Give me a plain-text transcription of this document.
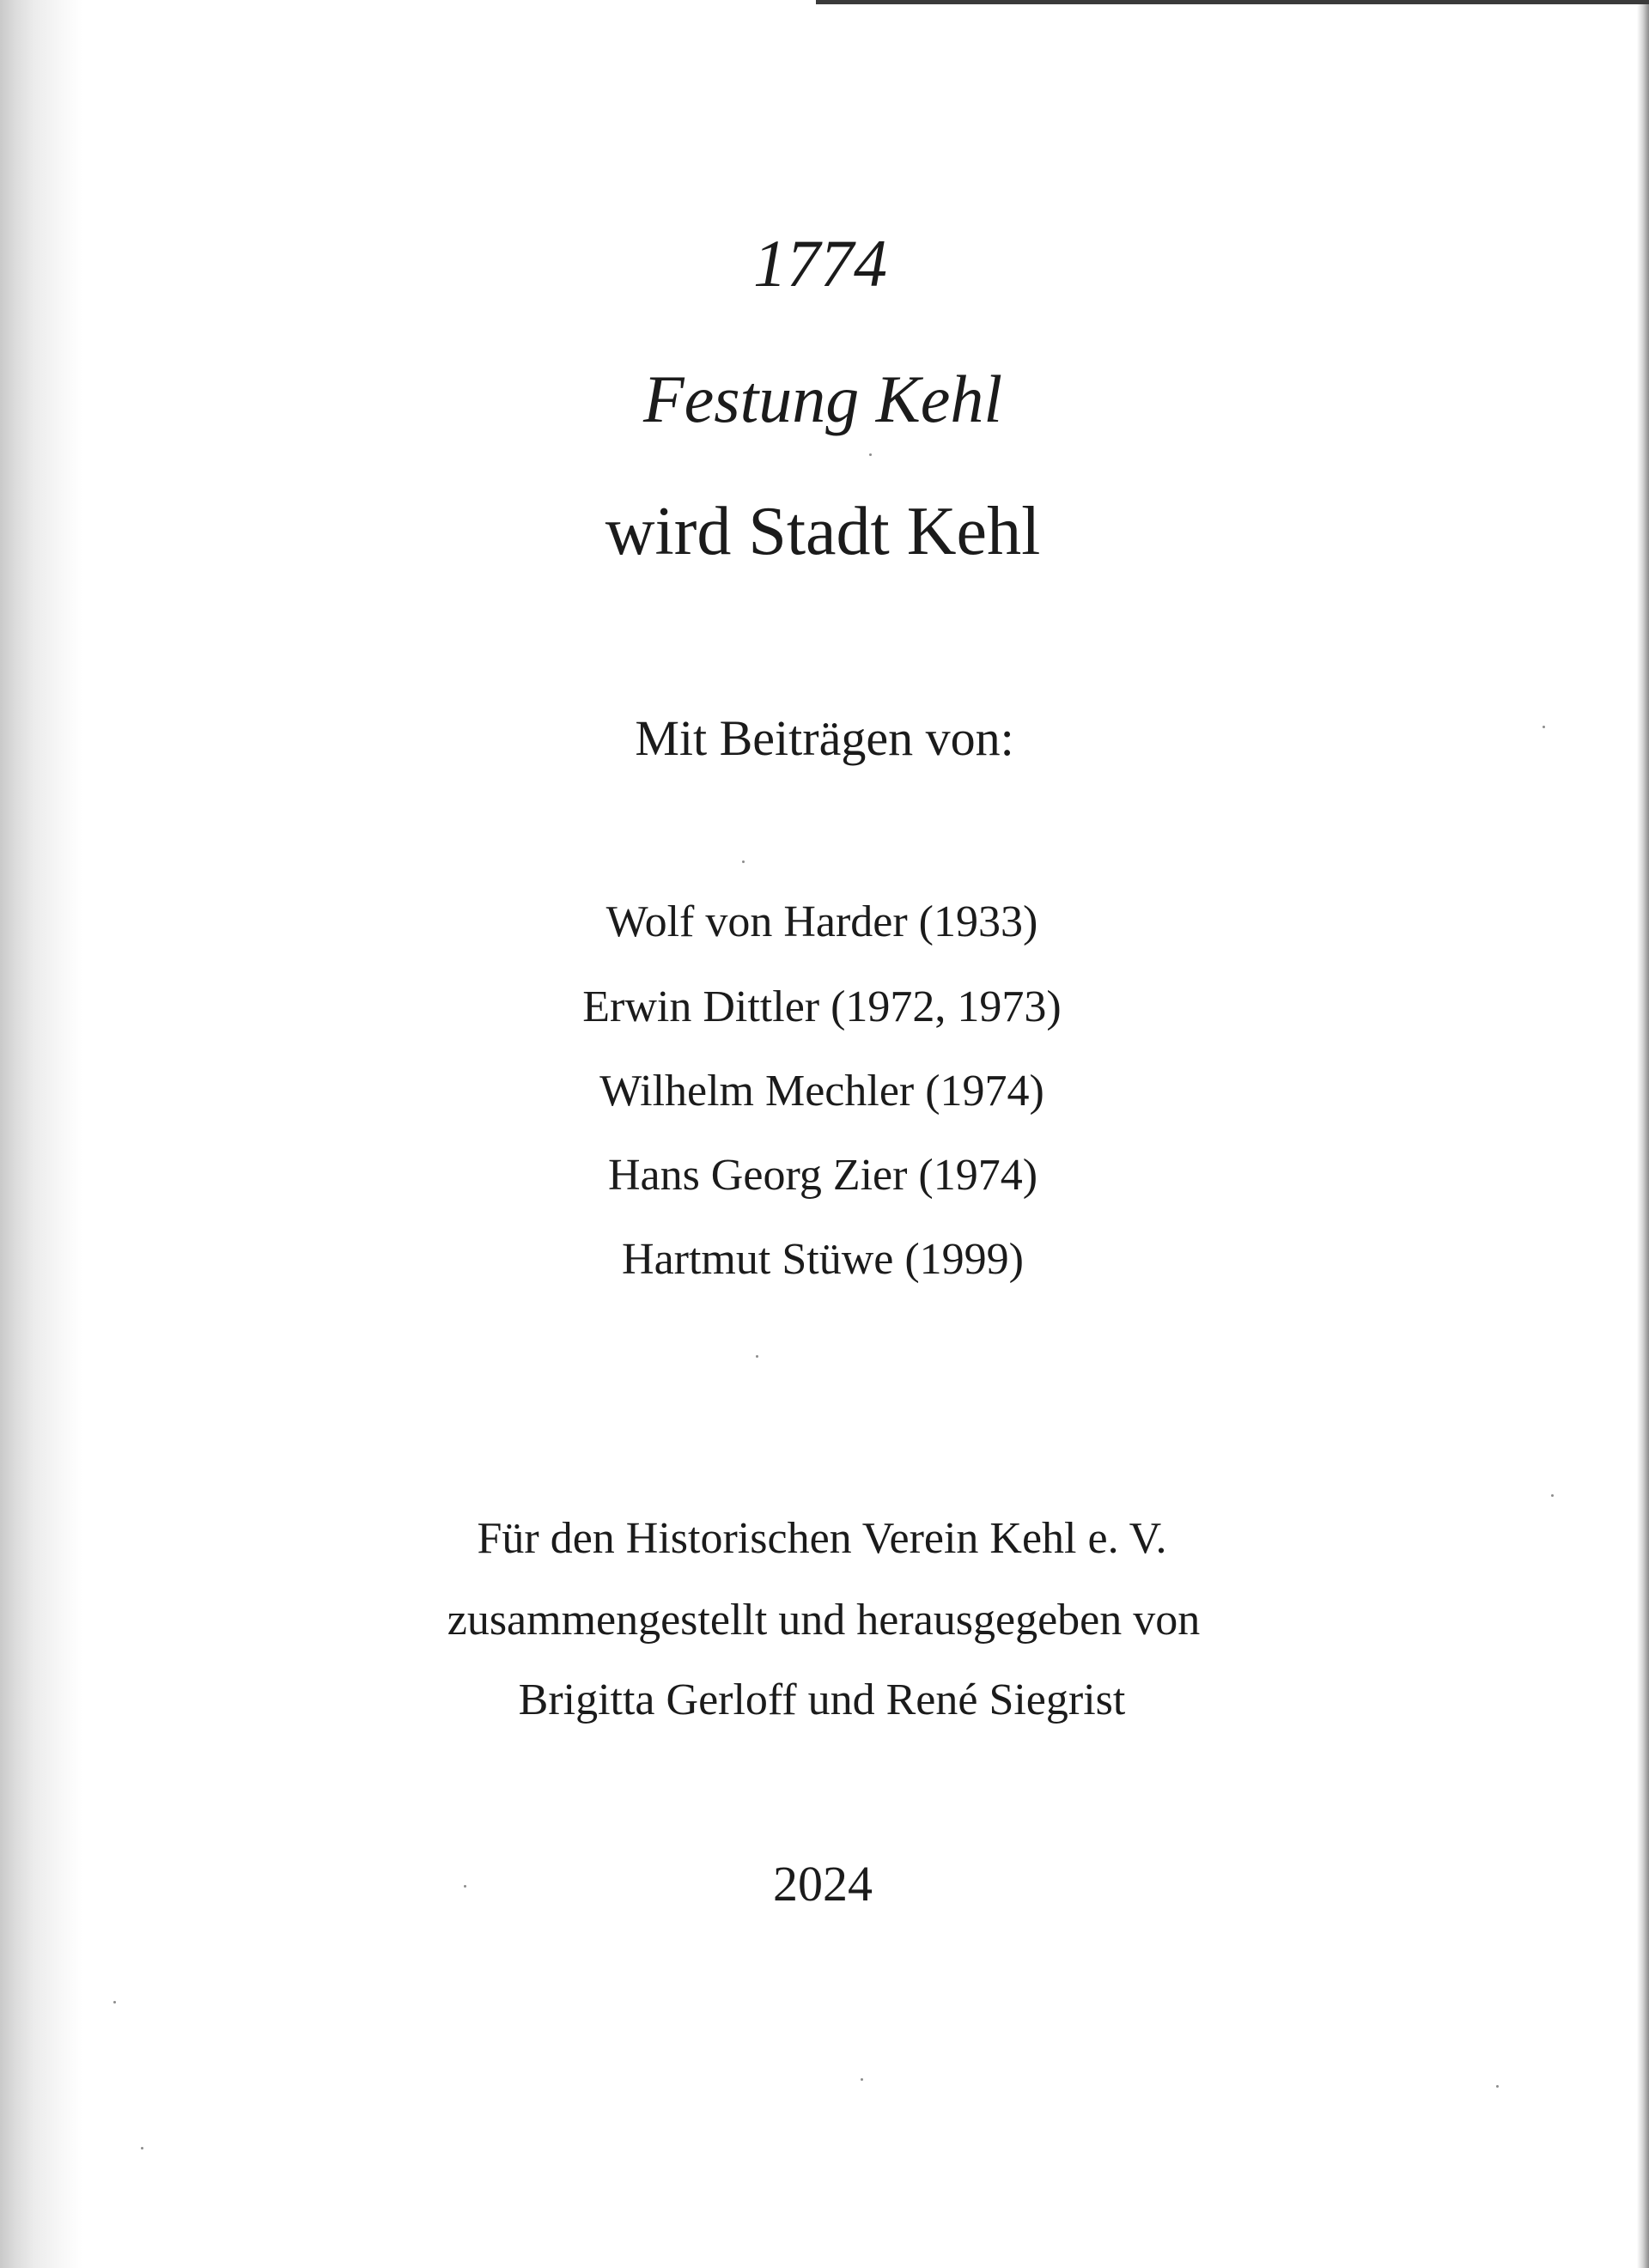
1774
Festung Kehl
wird Stadt Kehl
Mit Beiträgen von:
Wolf von Harder (1933)
Erwin Dittler (1972, 1973)
Wilhelm Mechler (1974)
Hans Georg Zier (1974)
Hartmut Stüwe (1999)
Für den Historischen Verein Kehl e. V.
zusammengestellt und herausgegeben von
Brigitta Gerloff und René Siegrist
2024
